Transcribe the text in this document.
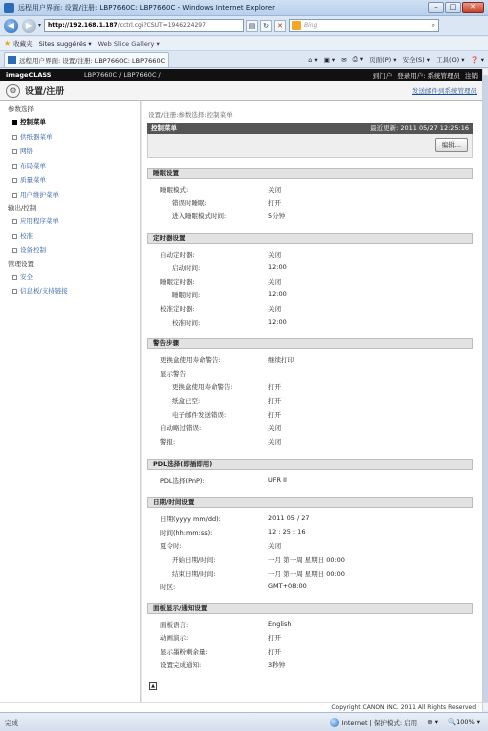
远程用户界面: 设置/注册: LBP7660C: LBP7660C - Windows Internet Explorer	–	□	✕
◀	▶ ▾ http://192.168.1.187 /cctrl.cgi?CSUT=1946224297	▤	↻	✕	Bing	⌕
★ 收藏夹 Sites suggérés ▾ Web Slice Gallery ▾
远程用户界面: 设置/注册: LBP7660C: LBP7660C	⌂ ▾ ▣ ▾ ✉ ⎙ ▾ 页面(P) ▾ 安全(S) ▾ 工具(O) ▾ ❓ ▾
imageCLASS	LBP7660C / LBP7660C /	到门户 登录用户: 系统管理员 注销
⚙ 设置/注册	发送邮件到系统管理员
参数选择
控制菜单
供纸器菜单
网络
布局菜单
质量菜单
用户维护菜单
输出/控制
应用程序菜单
校准
设备控制
管理设置
安全
信息板/支持链接
设置/注册:参数选择:控制菜单
控制菜单	最近更新: 2011 05/27 12:25:16
编辑...
睡眠设置
睡眠模式:	关闭
错误时睡眠:	打开
进入睡眠模式时间:	5分钟
定时器设置
自动定时器:	关闭
启动时间:	12:00
睡眠定时器:	关闭
睡眠时间:	12:00
校准定时器:	关闭
校准时间:	12:00
警告步骤
更换盒使用寿命警告:	继续打印
显示警告
更换盒使用寿命警告:	打开
纸盒已空:	打开
电子邮件发送错误:	打开
自动略过错误:	关闭
警报:	关闭
PDL选择(即插即用)
PDL选择(PnP):	UFR II
日期/时间设置
日期(yyyy mm/dd):	2011 05 / 27
时间(hh:mm:ss):	12 : 25 : 16
夏令时:	关闭
开始日期/时间:	一月 第一周 星期日 00:00
结束日期/时间:	一月 第一周 星期日 00:00
时区:	GMT+08:00
面板显示/通知设置
面板语言:	English
动画演示:	打开
显示墨粉剩余量:	打开
设置完成通知:	3秒钟
▲
Copyright CANON INC. 2011 All Rights Reserved
完成	Internet | 保护模式: 启用 ⊕ ▾ 🔍100% ▾
